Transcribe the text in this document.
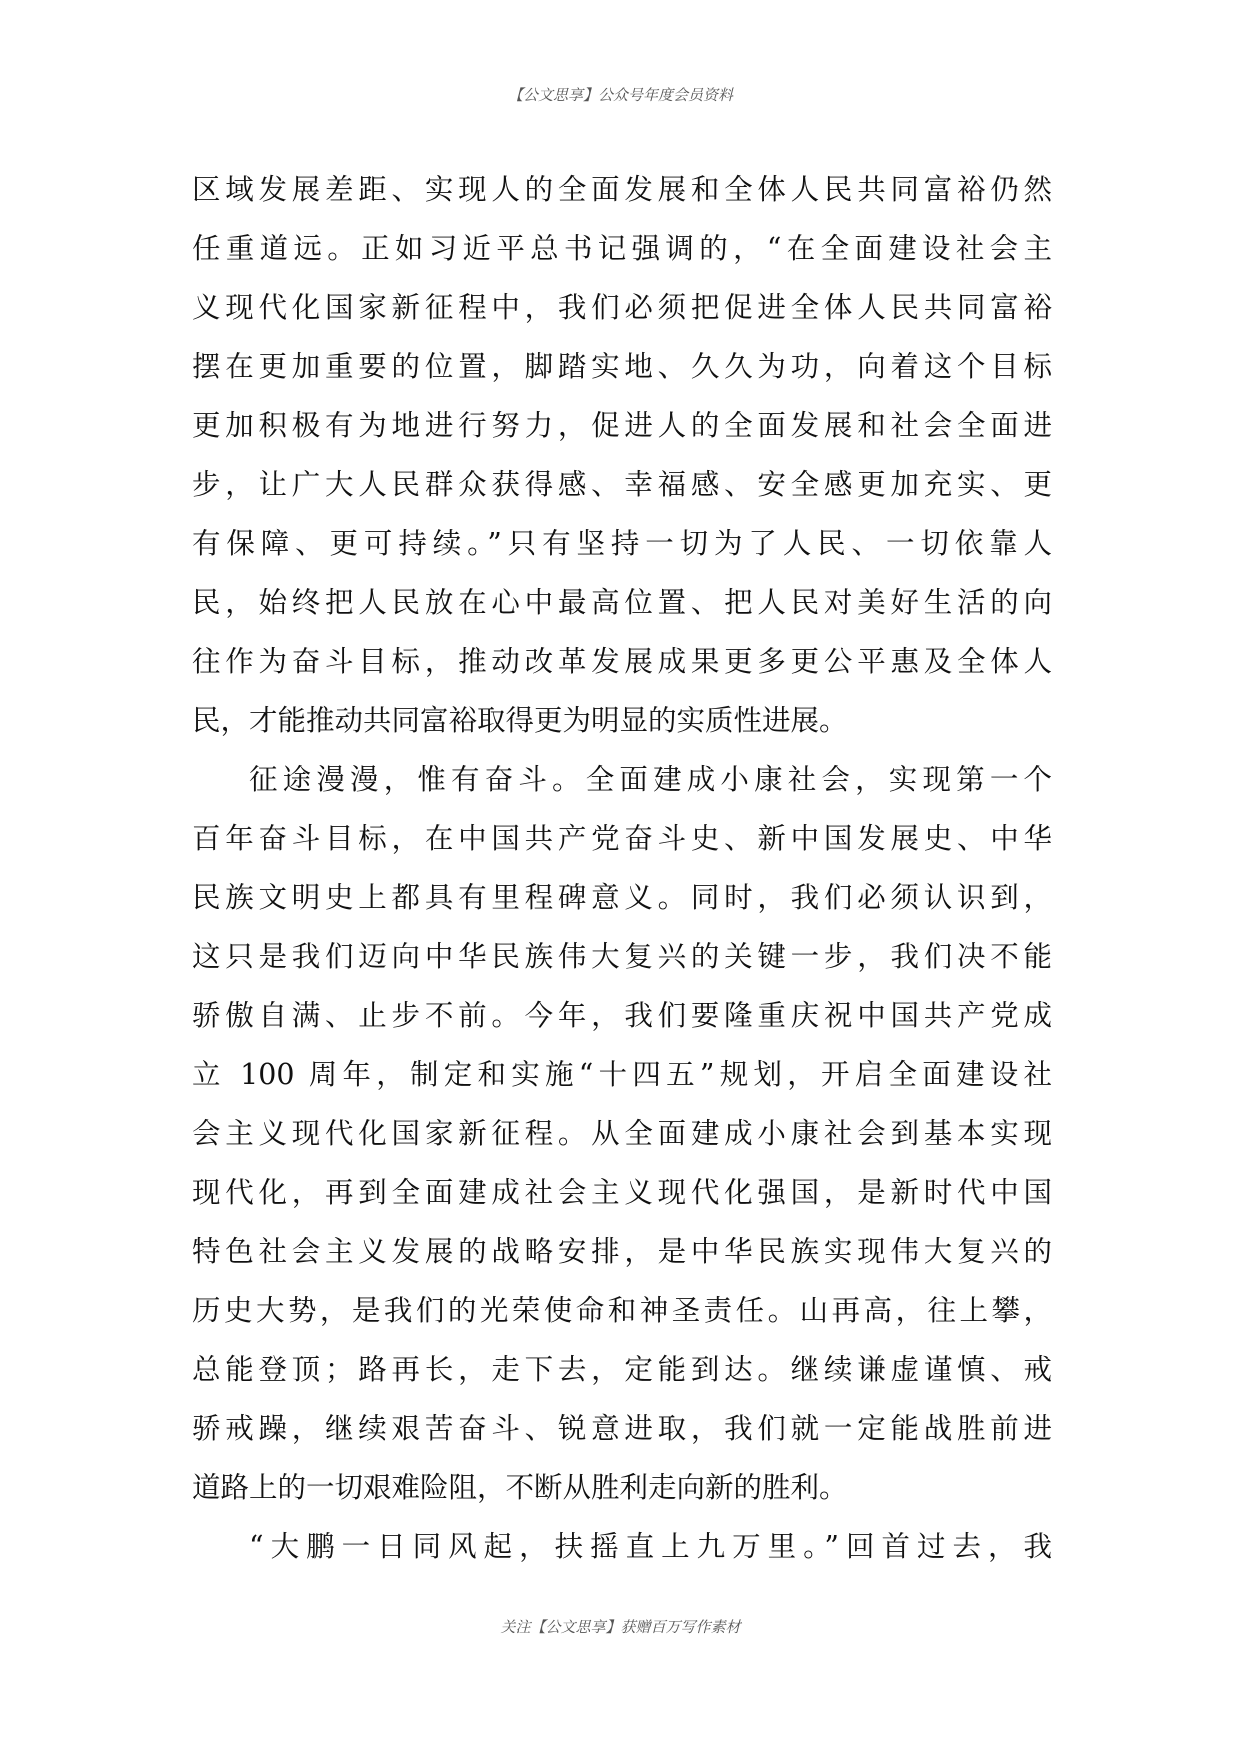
【公文思享】公众号年度会员资料
区域发展差距、实现人的全面发展和全体人民共同富裕仍然
任重道远。正如习近平总书记强调的，“在全面建设社会主
义现代化国家新征程中，我们必须把促进全体人民共同富裕
摆在更加重要的位置，脚踏实地、久久为功，向着这个目标
更加积极有为地进行努力，促进人的全面发展和社会全面进
步，让广大人民群众获得感、幸福感、安全感更加充实、更
有保障、更可持续。”只有坚持一切为了人民、一切依靠人
民，始终把人民放在心中最高位置、把人民对美好生活的向
往作为奋斗目标，推动改革发展成果更多更公平惠及全体人
民，才能推动共同富裕取得更为明显的实质性进展。
征途漫漫，惟有奋斗。全面建成小康社会，实现第一个
百年奋斗目标，在中国共产党奋斗史、新中国发展史、中华
民族文明史上都具有里程碑意义。同时，我们必须认识到，
这只是我们迈向中华民族伟大复兴的关键一步，我们决不能
骄傲自满、止步不前。今年，我们要隆重庆祝中国共产党成
立 100 周年，制定和实施“十四五”规划，开启全面建设社
会主义现代化国家新征程。从全面建成小康社会到基本实现
现代化，再到全面建成社会主义现代化强国，是新时代中国
特色社会主义发展的战略安排，是中华民族实现伟大复兴的
历史大势，是我们的光荣使命和神圣责任。山再高，往上攀，
总能登顶；路再长，走下去，定能到达。继续谦虚谨慎、戒
骄戒躁，继续艰苦奋斗、锐意进取，我们就一定能战胜前进
道路上的一切艰难险阻，不断从胜利走向新的胜利。
“大鹏一日同风起，扶摇直上九万里。”回首过去，我
关注【公文思享】获赠百万写作素材
